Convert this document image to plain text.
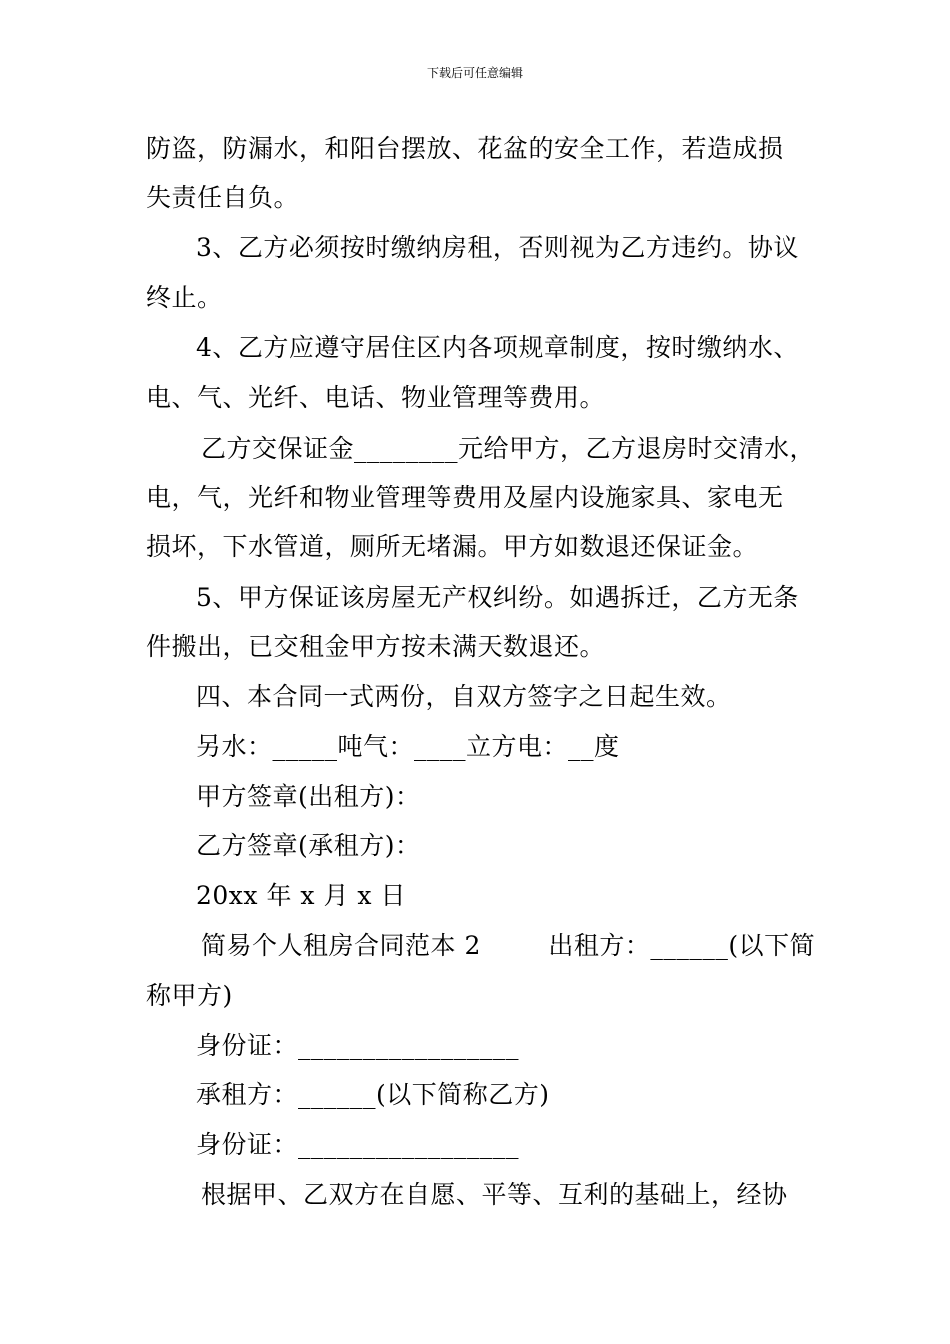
下载后可任意编辑
防盗，防漏水，和阳台摆放、花盆的安全工作，若造成损
失责任自负。
3、乙方必须按时缴纳房租，否则视为乙方违约。协议
终止。
4、乙方应遵守居住区内各项规章制度，按时缴纳水、
电、气、光纤、电话、物业管理等费用。
乙方交保证金________元给甲方，乙方退房时交清水，
电，气，光纤和物业管理等费用及屋内设施家具、家电无
损坏，下水管道，厕所无堵漏。甲方如数退还保证金。
5、甲方保证该房屋无产权纠纷。如遇拆迁，乙方无条
件搬出，已交租金甲方按未满天数退还。
四、本合同一式两份，自双方签字之日起生效。
另水：_____吨气：____立方电：__度
甲方签章(出租方)：
乙方签章(承租方)：
20xx 年 x 月 x 日
简易个人租房合同范本 2        出租方：______(以下简
称甲方)
身份证：_________________
承租方：______(以下简称乙方)
身份证：_________________
根据甲、乙双方在自愿、平等、互利的基础上，经协
